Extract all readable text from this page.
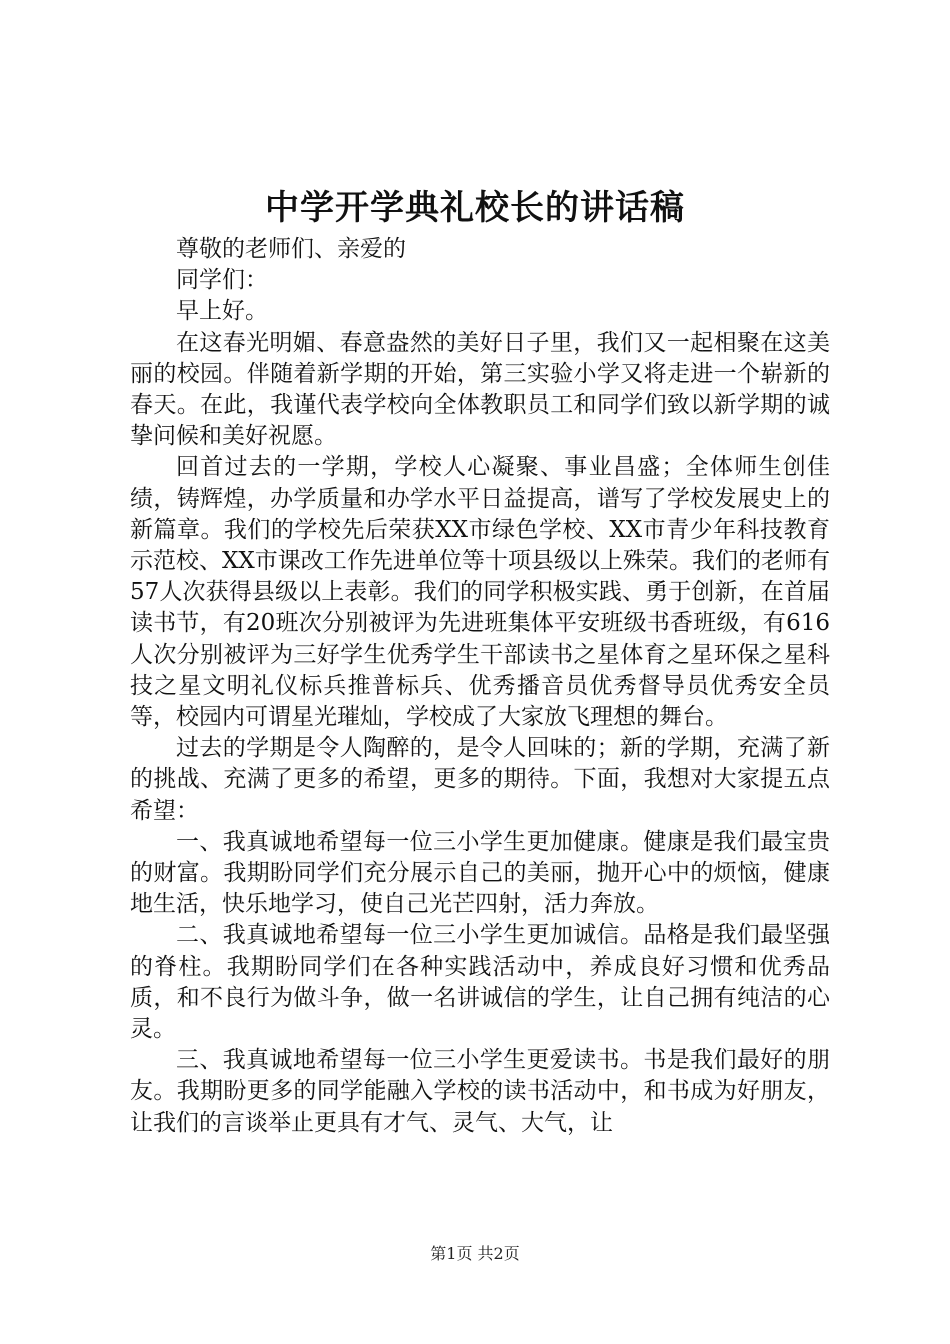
中学开学典礼校长的讲话稿

尊敬的老师们、亲爱的

同学们：

早上好。

在这春光明媚、春意盎然的美好日子里，我们又一起相聚在这美丽的校园。伴随着新学期的开始，第三实验小学又将走进一个崭新的春天。在此，我谨代表学校向全体教职员工和同学们致以新学期的诚挚问候和美好祝愿。

回首过去的一学期，学校人心凝聚、事业昌盛；全体师生创佳绩，铸辉煌，办学质量和办学水平日益提高，谱写了学校发展史上的新篇章。我们的学校先后荣获XX市绿色学校、XX市青少年科技教育示范校、XX市课改工作先进单位等十项县级以上殊荣。我们的老师有57人次获得县级以上表彰。我们的同学积极实践、勇于创新，在首届读书节，有20班次分别被评为先进班集体平安班级书香班级，有616人次分别被评为三好学生优秀学生干部读书之星体育之星环保之星科技之星文明礼仪标兵推普标兵、优秀播音员优秀督导员优秀安全员等，校园内可谓星光璀灿，学校成了大家放飞理想的舞台。

过去的学期是令人陶醉的，是令人回味的；新的学期，充满了新的挑战、充满了更多的希望，更多的期待。下面，我想对大家提五点希望：

一、我真诚地希望每一位三小学生更加健康。健康是我们最宝贵的财富。我期盼同学们充分展示自己的美丽，抛开心中的烦恼，健康地生活，快乐地学习，使自己光芒四射，活力奔放。

二、我真诚地希望每一位三小学生更加诚信。品格是我们最坚强的脊柱。我期盼同学们在各种实践活动中，养成良好习惯和优秀品质，和不良行为做斗争，做一名讲诚信的学生，让自己拥有纯洁的心灵。

三、我真诚地希望每一位三小学生更爱读书。书是我们最好的朋友。我期盼更多的同学能融入学校的读书活动中，和书成为好朋友，让我们的言谈举止更具有才气、灵气、大气，让

第1页 共2页
